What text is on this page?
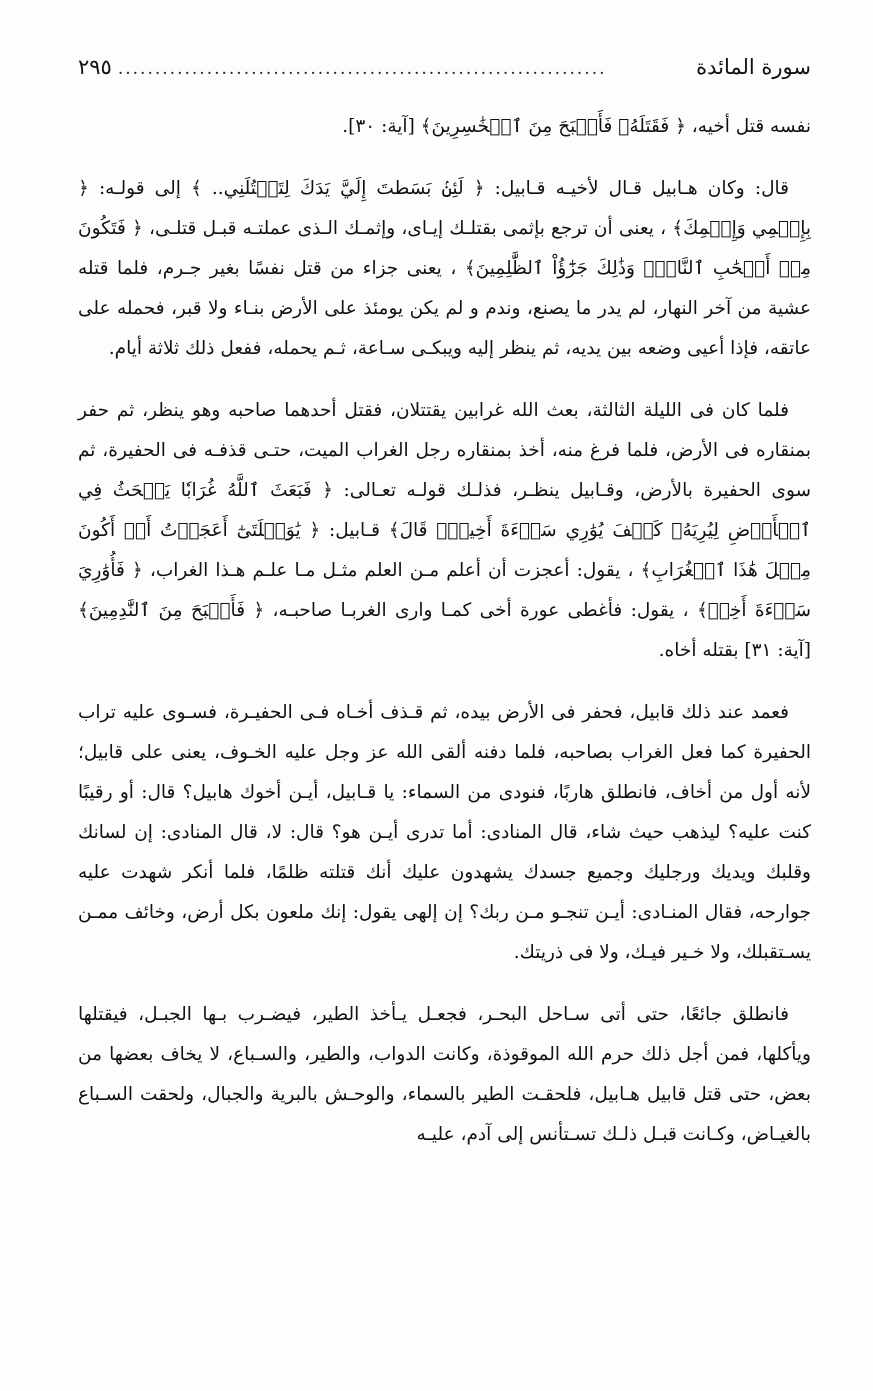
سورة المائدة
..................................................................
٢٩٥

نفسه قتل أخيه، ﴿ فَقَتَلَهُۥ فَأَصۡبَحَ مِنَ ٱلۡخَٰسِرِينَ﴾ [آية: ٣٠].

قال: وكان هـابيل قـال لأخيـه قـابيل: ﴿ لَئِنۢ بَسَطتَ إِلَيَّ يَدَكَ لِتَقۡتُلَنِي.. ﴾ إلى قولـه: ﴿ بِإِثۡمِي وَإِثۡمِكَ﴾ ، يعنى أن ترجع بإثمى بقتلـك إيـاى، وإثمـك الـذى عملتـه قبـل قتلـى، ﴿ فَتَكُونَ مِنۡ أَصۡحَٰبِ ٱلنَّارِۚ وَذَٰلِكَ جَزَٰٓؤُاْ ٱلظَّٰلِمِينَ﴾ ، يعنى جزاء من قتل نفسًا بغير جـرم، فلما قتله عشية من آخر النهار، لم يدر ما يصنع، وندم و لم يكن يومئذ على الأرض بنـاء ولا قبر، فحمله على عاتقه، فإذا أعيى وضعه بين يديه، ثم ينظر إليه ويبكـى سـاعة، ثـم يحمله، ففعل ذلك ثلاثة أيام.

فلما كان فى الليلة الثالثة، بعث الله غرابين يقتتلان، فقتل أحدهما صاحبه وهو ينظر، ثم حفر بمنقاره فى الأرض، فلما فرغ منه، أخذ بمنقاره رجل الغراب الميت، حتـى قذفـه فى الحفيرة، ثم سوى الحفيرة بالأرض، وقـابيل ينظـر، فذلـك قولـه تعـالى: ﴿ فَبَعَثَ ٱللَّهُ غُرَابٗا يَبۡحَثُ فِي ٱلۡأَرۡضِ لِيُرِيَهُۥ كَيۡفَ يُوَٰرِي سَوۡءَةَ أَخِيهِۚ قَالَ﴾ قـابيل: ﴿ يَٰوَيۡلَتَىٰٓ أَعَجَزۡتُ أَنۡ أَكُونَ مِثۡلَ هَٰذَا ٱلۡغُرَابِ﴾ ، يقول: أعجزت أن أعلم مـن العلم مثـل مـا علـم هـذا الغراب، ﴿ فَأُوَٰرِيَ سَوۡءَةَ أَخِيۖ﴾ ، يقول: فأغطى عورة أخى كمـا وارى الغربـا صاحبـه، ﴿ فَأَصۡبَحَ مِنَ ٱلنَّٰدِمِينَ﴾ [آية: ٣١] بقتله أخاه.

فعمد عند ذلك قابيل، فحفر فى الأرض بيده، ثم قـذف أخـاه فـى الحفيـرة، فسـوى عليه تراب الحفيرة كما فعل الغراب بصاحبه، فلما دفنه ألقى الله عز وجل عليه الخـوف، يعنى على قابيل؛ لأنه أول من أخاف، فانطلق هاربًا، فنودى من السماء: يا قـابيل، أيـن أخوك هابيل؟ قال: أو رقيبًا كنت عليه؟ ليذهب حيث شاء، قال المنادى: أما تدرى أيـن هو؟ قال: لا، قال المنادى: إن لسانك وقلبك ويديك ورجليك وجميع جسدك يشهدون عليك أنك قتلته ظلمًا، فلما أنكر شهدت عليه جوارحه، فقال المنـادى: أيـن تنجـو مـن ربك؟ إن إلهى يقول: إنك ملعون بكل أرض، وخائف ممـن يسـتقبلك، ولا خـير فيـك، ولا فى ذريتك.

فانطلق جائعًا، حتى أتى سـاحل البحـر، فجعـل يـأخذ الطير، فيضـرب بـها الجبـل، فيقتلها ويأكلها، فمن أجل ذلك حرم الله الموقوذة، وكانت الدواب، والطير، والسـباع، لا يخاف بعضها من بعض، حتى قتل قابيل هـابيل، فلحقـت الطير بالسماء، والوحـش بالبرية والجبال، ولحقت السـباع بالغيـاض، وكـانت قبـل ذلـك تسـتأنس إلى آدم، عليـه
